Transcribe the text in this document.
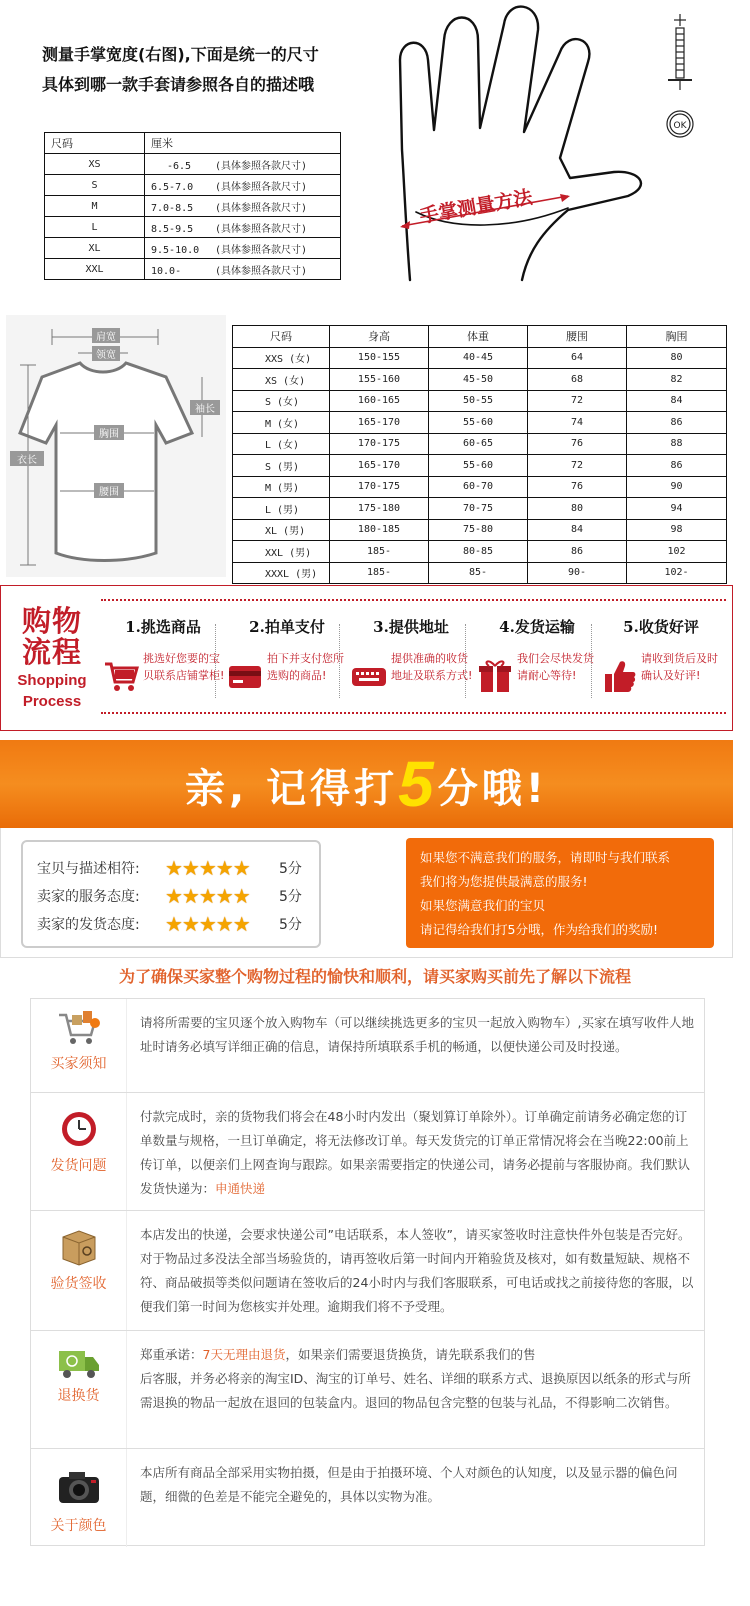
测量手掌宽度(右图),下面是统一的尺寸
具体到哪一款手套请参照各自的描述哦
尺码	厘米
XS	-6.5 (具体参照各款尺寸)
S	6.5-7.0 (具体参照各款尺寸)
M	7.0-8.5 (具体参照各款尺寸)
L	8.5-9.5 (具体参照各款尺寸)
XL	9.5-10.0 (具体参照各款尺寸)
XXL	10.0- (具体参照各款尺寸)
手掌测量方法
OK
肩宽
领宽
袖长
胸围
衣长
腰围
尺码	身高	体重	腰围	胸围
XXS (女)	150-155	40-45	64	80
XS (女)	155-160	45-50	68	82
S (女)	160-165	50-55	72	84
M (女)	165-170	55-60	74	86
L (女)	170-175	60-65	76	88
S (男)	165-170	55-60	72	86
M (男)	170-175	60-70	76	90
L (男)	175-180	70-75	80	94
XL (男)	180-185	75-80	84	98
XXL (男)	185-	80-85	86	102
XXXL (男)	185-	85-	90-	102-
购物
流程
Shopping
Process
1.挑选商品
挑选好您要的宝贝联系店铺掌柜!
2.拍单支付
拍下并支付您所选购的商品!
3.提供地址
提供准确的收货地址及联系方式!
4.发货运输
我们会尽快发货请耐心等待!
5.收货好评
请收到货后及时确认及好评!
亲, 记得打5分哦!
宝贝与描述相符: ★★★★★ 5分
卖家的服务态度: ★★★★★ 5分
卖家的发货态度: ★★★★★ 5分
如果您不满意我们的服务，请即时与我们联系
我们将为您提供最满意的服务!
如果您满意我们的宝贝
请记得给我们打5分哦，作为给我们的奖励!
为了确保买家整个购物过程的愉快和顺利，请买家购买前先了解以下流程
买家须知
请将所需要的宝贝逐个放入购物车（可以继续挑选更多的宝贝一起放入购物车）,买家在填写收件人地址时请务必填写详细正确的信息，请保持所填联系手机的畅通，以便快递公司及时投递。
发货问题
付款完成时，亲的货物我们将会在48小时内发出（聚划算订单除外）。订单确定前请务必确定您的订单数量与规格，一旦订单确定，将无法修改订单。每天发货完的订单正常情况将会在当晚22:00前上传订单，以便亲们上网查询与跟踪。如果亲需要指定的快递公司，请务必提前与客服协商。我们默认发货快递为：申通快递
验货签收
本店发出的快递，会要求快递公司”电话联系，本人签收”，请买家签收时注意快件外包装是否完好。对于物品过多没法全部当场验货的，请再签收后第一时间内开箱验货及核对，如有数量短缺、规格不符、商品破损等类似问题请在签收后的24小时内与我们客服联系，可电话或找之前接待您的客服，以便我们第一时间为您核实并处理。逾期我们将不予受理。
退换货
郑重承诺：7天无理由退货，如果亲们需要退货换货，请先联系我们的售
后客服，并务必将亲的淘宝ID、淘宝的订单号、姓名、详细的联系方式、退换原因以纸条的形式与所需退换的物品一起放在退回的包装盒内。退回的物品包含完整的包装与礼品，不得影响二次销售。
关于颜色
本店所有商品全部采用实物拍摄，但是由于拍摄环境、个人对颜色的认知度，以及显示器的偏色问题，细微的色差是不能完全避免的，具体以实物为准。
